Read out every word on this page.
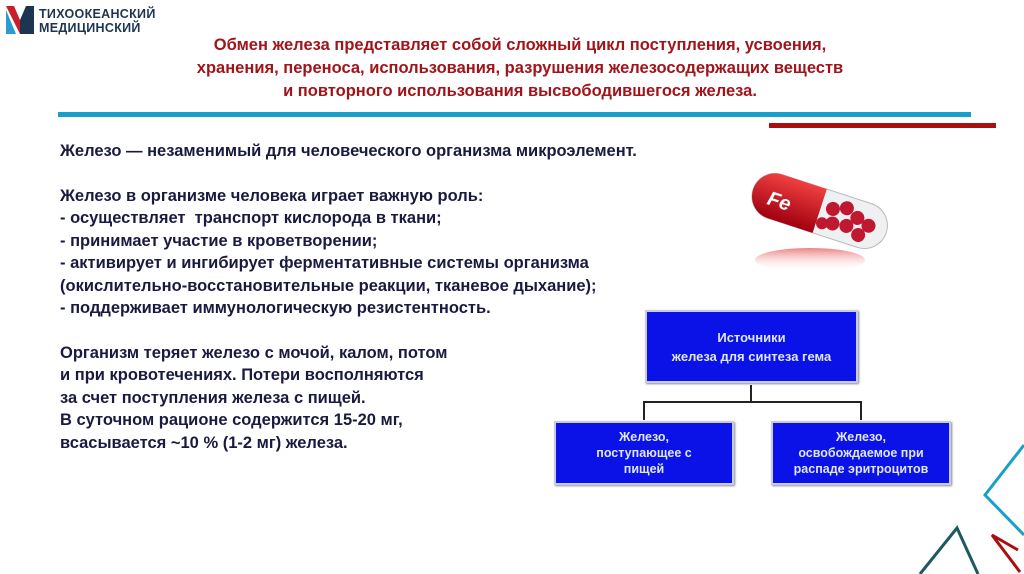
ТИХООКЕАНСКИЙ
МЕДИЦИНСКИЙ
Обмен железа представляет собой сложный цикл поступления, усвоения,
хранения, переноса, использования, разрушения железосодержащих веществ
и повторного использования высвободившегося железа.

Железо — незаменимый для человеческого организма микроэлемент.

Железо в организме человека играет важную роль:

- осуществляет  транспорт кислорода в ткани;

- принимает участие в кроветворении;

- активирует и ингибирует ферментативные системы организма

(окислительно-восстановительные реакции, тканевое дыхание);

- поддерживает иммунологическую резистентность.

Организм теряет железо с мочой, калом, потом

и при кровотечениях. Потери восполняются

за счет поступления железа с пищей.

В суточном рационе содержится 15-20 мг,

всасывается ~10 % (1-2 мг) железа.

Fe
Источники
железа для синтеза гема
Железо,
поступающее с
пищей
Железо,
освобождаемое при
распаде эритроцитов
